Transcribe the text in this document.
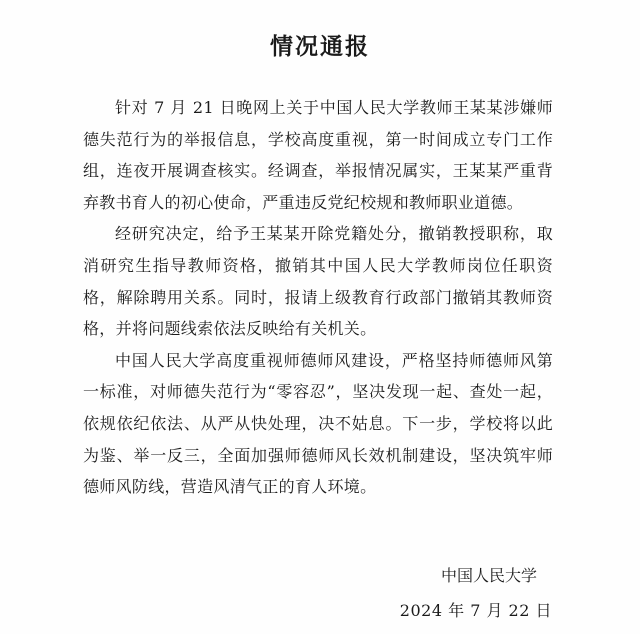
情况通报

针对 7 月 21 日晚网上关于中国人民大学教师王某某涉嫌师德失范行为的举报信息，学校高度重视，第一时间成立专门工作组，连夜开展调查核实。经调查，举报情况属实，王某某严重背弃教书育人的初心使命，严重违反党纪校规和教师职业道德。

经研究决定，给予王某某开除党籍处分，撤销教授职称，取消研究生指导教师资格，撤销其中国人民大学教师岗位任职资格，解除聘用关系。同时，报请上级教育行政部门撤销其教师资格，并将问题线索依法反映给有关机关。

中国人民大学高度重视师德师风建设，严格坚持师德师风第一标准，对师德失范行为“零容忍”，坚决发现一起、查处一起，依规依纪依法、从严从快处理，决不姑息。下一步，学校将以此为鉴、举一反三，全面加强师德师风长效机制建设，坚决筑牢师德师风防线，营造风清气正的育人环境。

中国人民大学
2024 年 7 月 22 日
